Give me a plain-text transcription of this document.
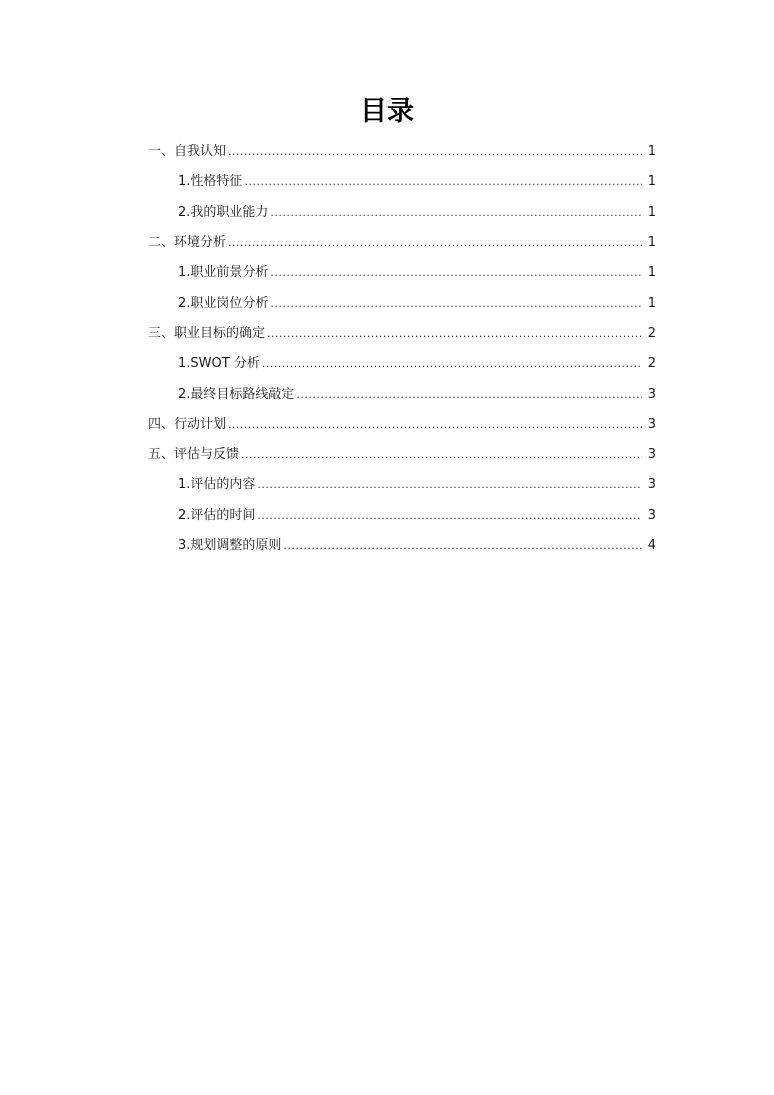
目录
一、自我认知 .....	1
1.性格特征 .....	1
2.我的职业能力 .....	1
二、环境分析 .....	1
1.职业前景分析 .....	1
2.职业岗位分析 .....	1
三、职业目标的确定 .....	2
1.SWOT 分析 .....	2
2.最终目标路线敲定 .....	3
四、行动计划 .....	3
五、评估与反馈 .....	3
1.评估的内容 .....	3
2.评估的时间 .....	3
3.规划调整的原则 .....	4
